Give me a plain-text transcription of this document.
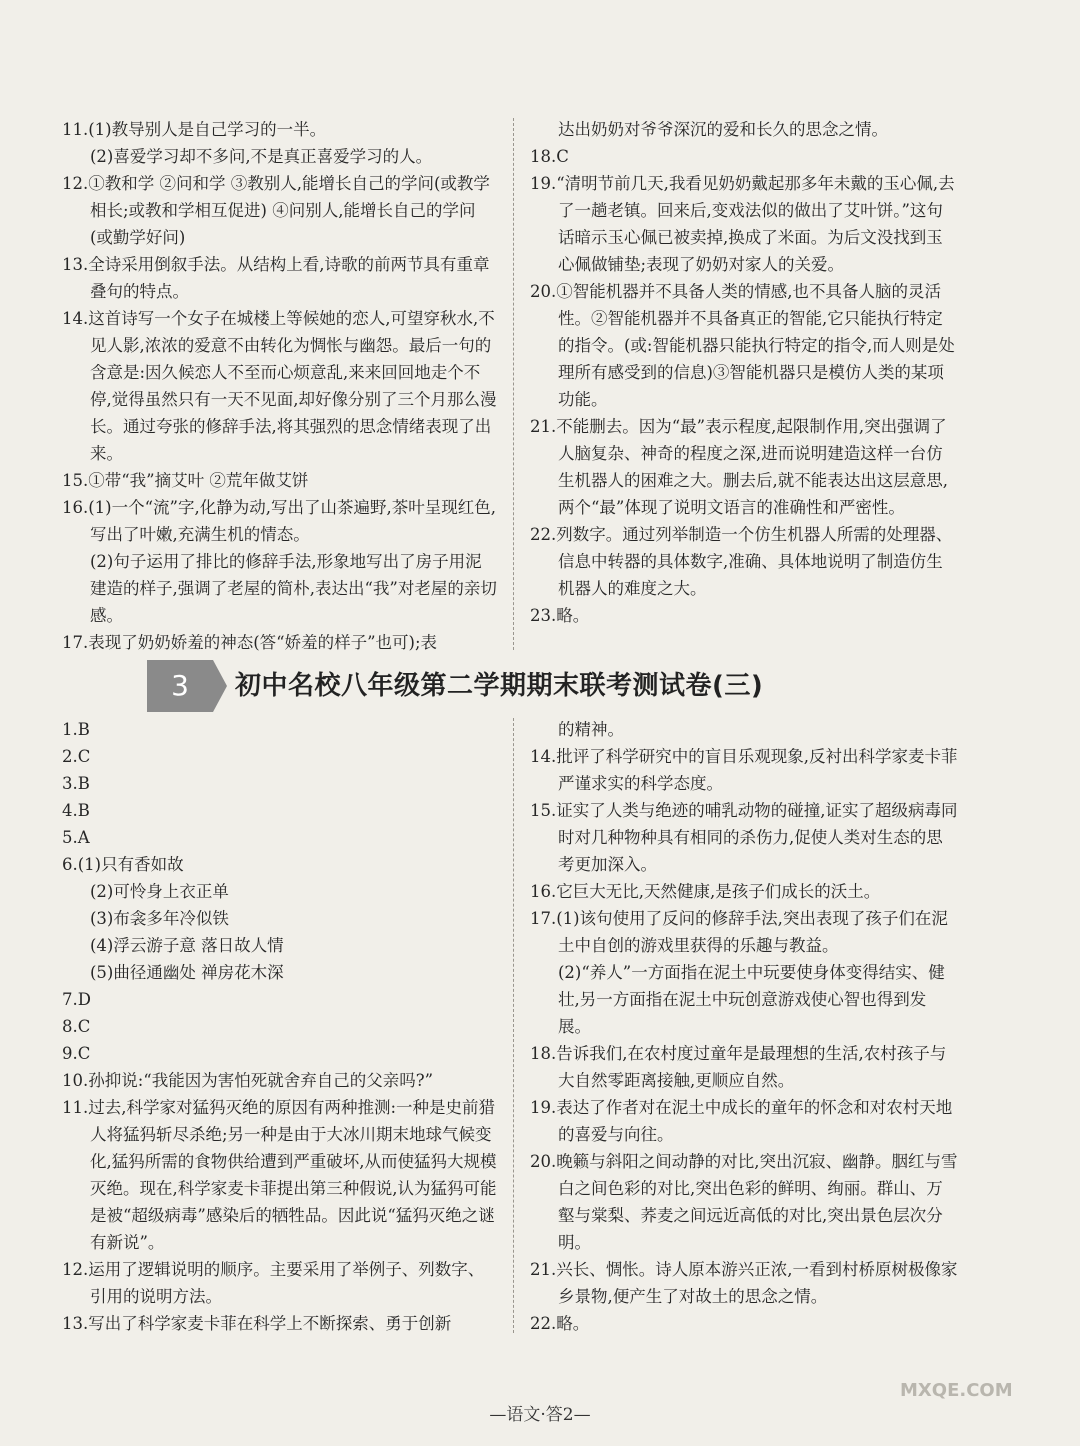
11.(1)教导别人是自己学习的一半。

(2)喜爱学习却不多问,不是真正喜爱学习的人。

12.①教和学 ②问和学 ③教别人,能增长自己的学问(或教学相长;或教和学相互促进) ④问别人,能增长自己的学问(或勤学好问)

13.全诗采用倒叙手法。从结构上看,诗歌的前两节具有重章叠句的特点。

14.这首诗写一个女子在城楼上等候她的恋人,可望穿秋水,不见人影,浓浓的爱意不由转化为惆怅与幽怨。最后一句的含意是:因久候恋人不至而心烦意乱,来来回回地走个不停,觉得虽然只有一天不见面,却好像分别了三个月那么漫长。通过夸张的修辞手法,将其强烈的思念情绪表现了出来。

15.①带“我”摘艾叶 ②荒年做艾饼

16.(1)一个“流”字,化静为动,写出了山茶遍野,茶叶呈现红色,写出了叶嫩,充满生机的情态。

(2)句子运用了排比的修辞手法,形象地写出了房子用泥建造的样子,强调了老屋的简朴,表达出“我”对老屋的亲切感。

17.表现了奶奶娇羞的神态(答“娇羞的样子”也可);表

达出奶奶对爷爷深沉的爱和长久的思念之情。

18.C

19.“清明节前几天,我看见奶奶戴起那多年未戴的玉心佩,去了一趟老镇。回来后,变戏法似的做出了艾叶饼。”这句话暗示玉心佩已被卖掉,换成了米面。为后文没找到玉心佩做铺垫;表现了奶奶对家人的关爱。

20.①智能机器并不具备人类的情感,也不具备人脑的灵活性。②智能机器并不具备真正的智能,它只能执行特定的指令。(或:智能机器只能执行特定的指令,而人则是处理所有感受到的信息)③智能机器只是模仿人类的某项功能。

21.不能删去。因为“最”表示程度,起限制作用,突出强调了人脑复杂、神奇的程度之深,进而说明建造这样一台仿生机器人的困难之大。删去后,就不能表达出这层意思,两个“最”体现了说明文语言的准确性和严密性。

22.列数字。通过列举制造一个仿生机器人所需的处理器、信息中转器的具体数字,准确、具体地说明了制造仿生机器人的难度之大。

23.略。

3	初中名校八年级第二学期期末联考测试卷(三)

1.B

2.C

3.B

4.B

5.A

6.(1)只有香如故

(2)可怜身上衣正单

(3)布衾多年冷似铁

(4)浮云游子意 落日故人情

(5)曲径通幽处 禅房花木深

7.D

8.C

9.C

10.孙抑说:“我能因为害怕死就舍弃自己的父亲吗?”

11.过去,科学家对猛犸灭绝的原因有两种推测:一种是史前猎人将猛犸斩尽杀绝;另一种是由于大冰川期末地球气候变化,猛犸所需的食物供给遭到严重破坏,从而使猛犸大规模灭绝。现在,科学家麦卡菲提出第三种假说,认为猛犸可能是被“超级病毒”感染后的牺牲品。因此说“猛犸灭绝之谜有新说”。

12.运用了逻辑说明的顺序。主要采用了举例子、列数字、引用的说明方法。

13.写出了科学家麦卡菲在科学上不断探索、勇于创新

的精神。

14.批评了科学研究中的盲目乐观现象,反衬出科学家麦卡菲严谨求实的科学态度。

15.证实了人类与绝迹的哺乳动物的碰撞,证实了超级病毒同时对几种物种具有相同的杀伤力,促使人类对生态的思考更加深入。

16.它巨大无比,天然健康,是孩子们成长的沃土。

17.(1)该句使用了反问的修辞手法,突出表现了孩子们在泥土中自创的游戏里获得的乐趣与教益。

(2)“养人”一方面指在泥土中玩要使身体变得结实、健壮,另一方面指在泥土中玩创意游戏使心智也得到发展。

18.告诉我们,在农村度过童年是最理想的生活,农村孩子与大自然零距离接触,更顺应自然。

19.表达了作者对在泥土中成长的童年的怀念和对农村天地的喜爱与向往。

20.晚籁与斜阳之间动静的对比,突出沉寂、幽静。胭红与雪白之间色彩的对比,突出色彩的鲜明、绚丽。群山、万壑与棠梨、荞麦之间远近高低的对比,突出景色层次分明。

21.兴长、惆怅。诗人原本游兴正浓,一看到村桥原树极像家乡景物,便产生了对故土的思念之情。

22.略。

—语文·答2—
MXQE.COM
